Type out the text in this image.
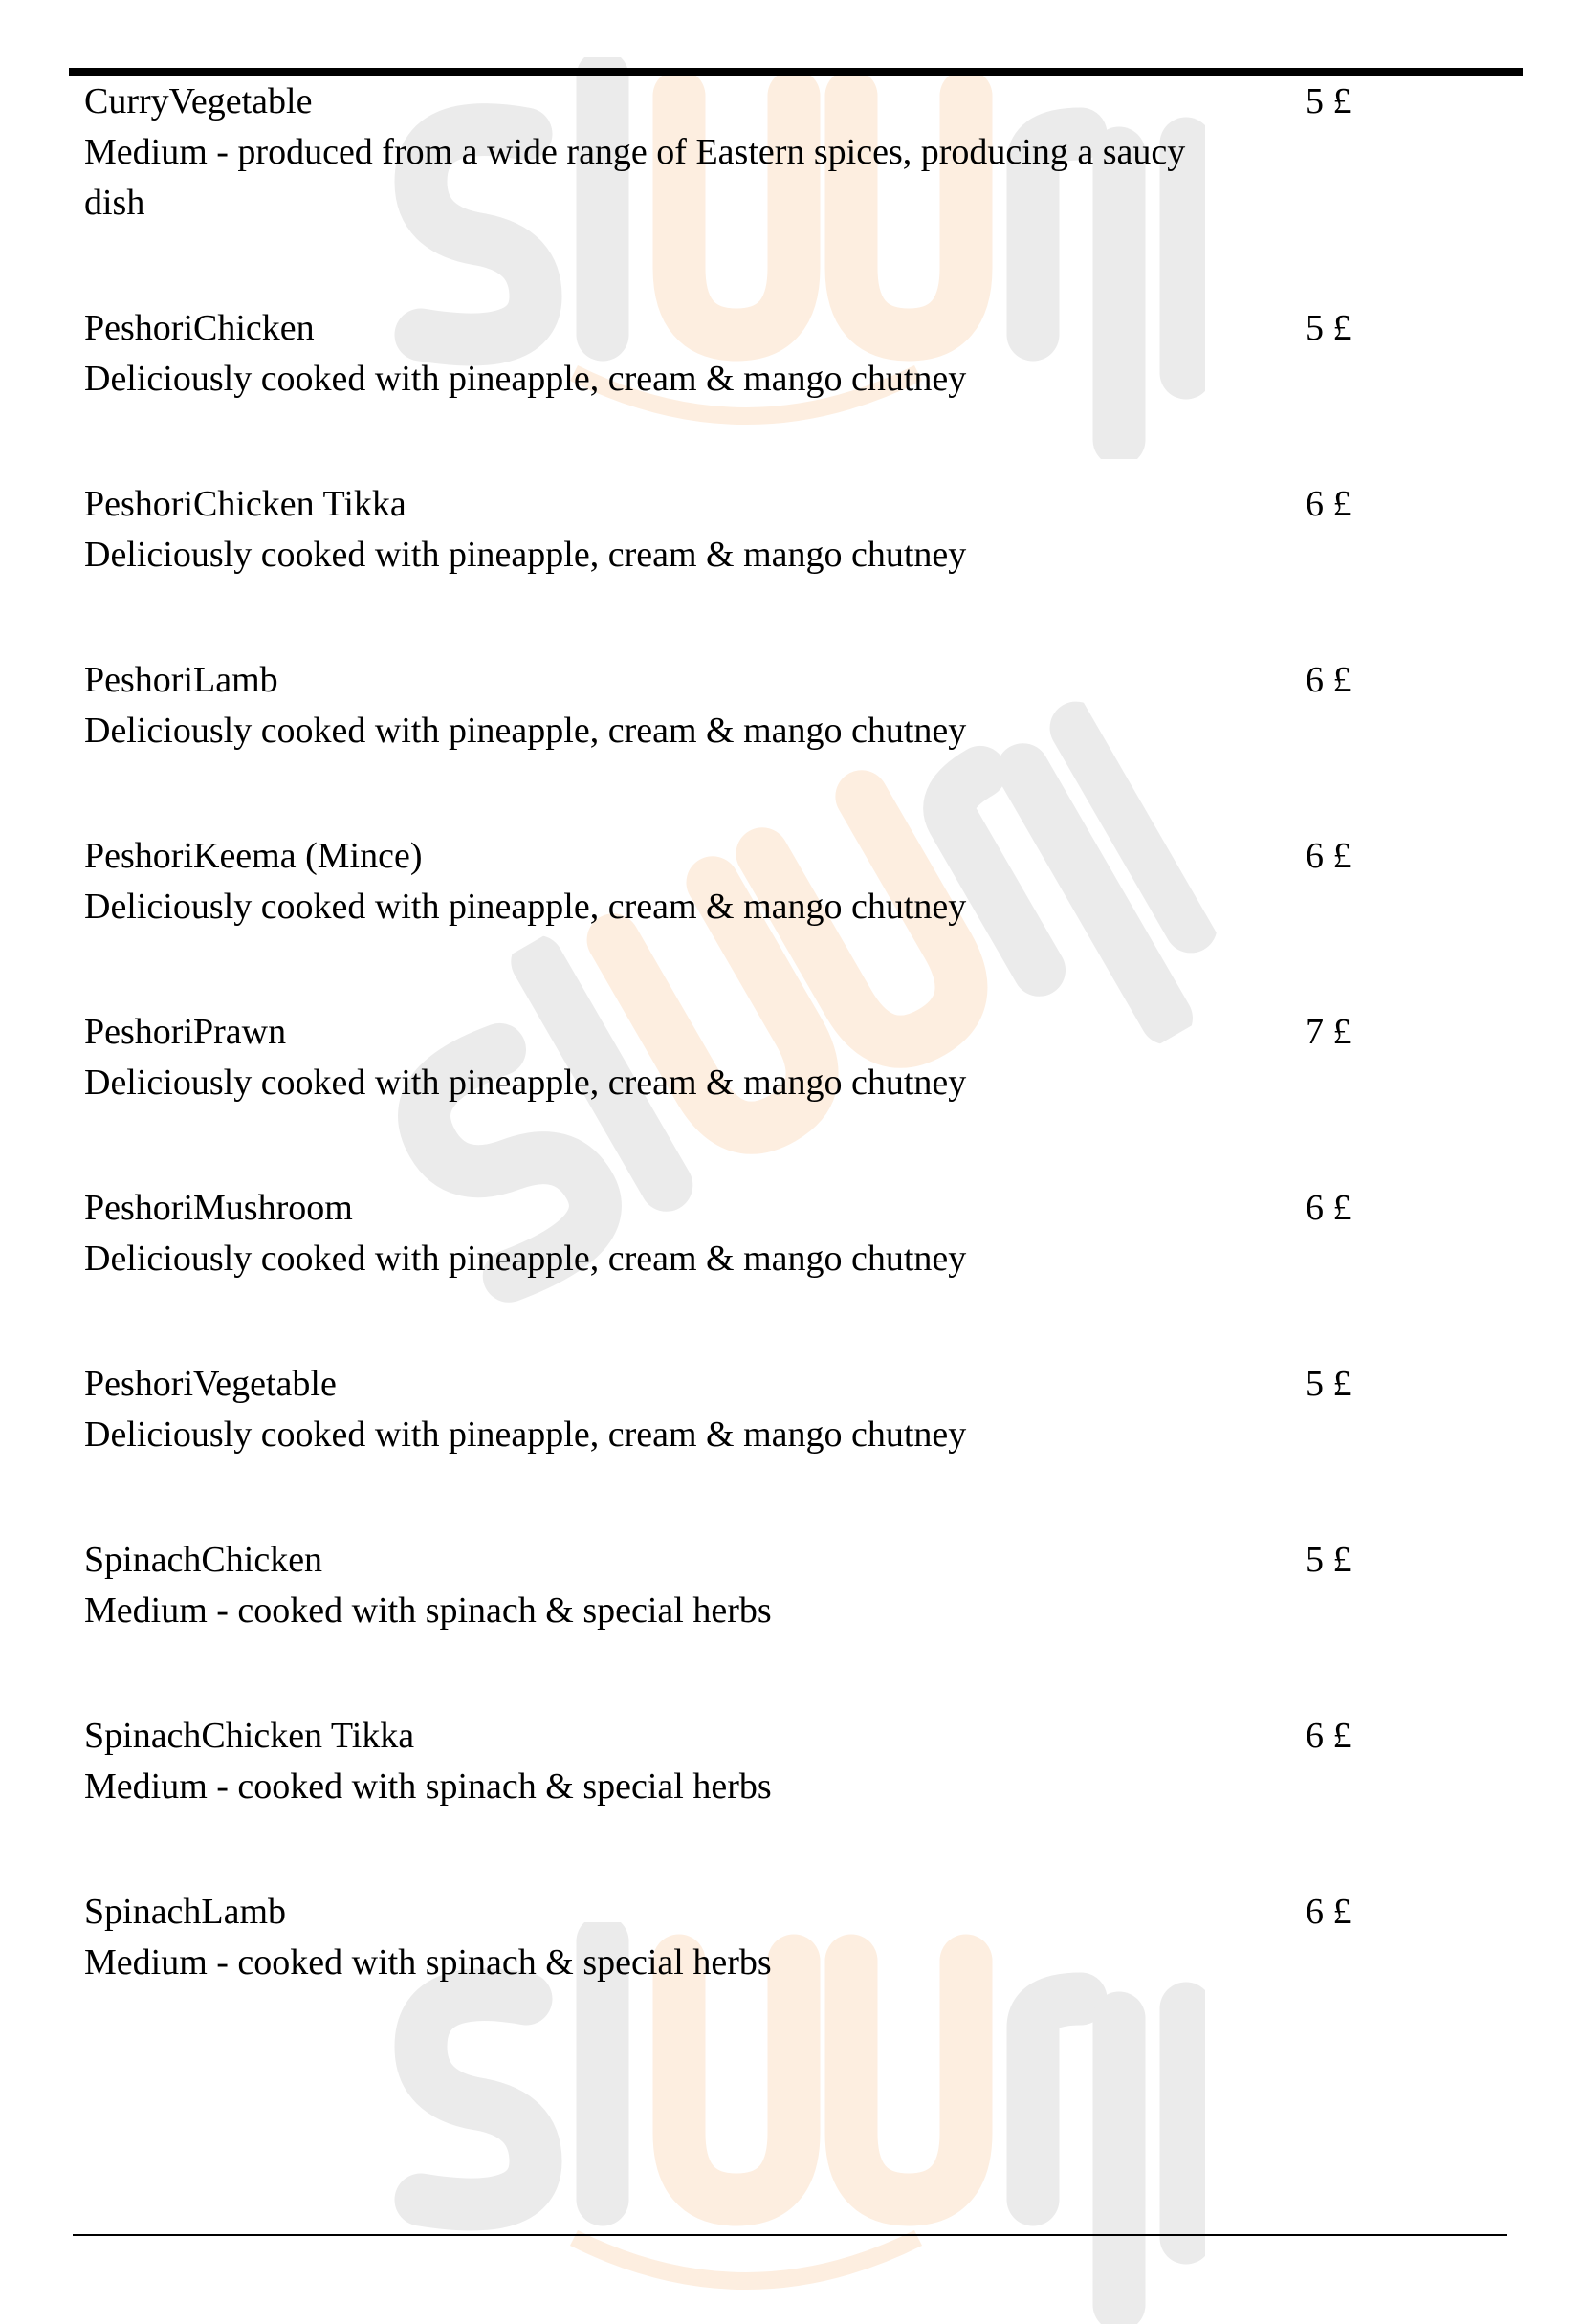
CurryVegetable
Medium - produced from a wide range of Eastern spices, producing a saucy dish
5 £
PeshoriChicken
Deliciously cooked with pineapple, cream & mango chutney
5 £
PeshoriChicken Tikka
Deliciously cooked with pineapple, cream & mango chutney
6 £
PeshoriLamb
Deliciously cooked with pineapple, cream & mango chutney
6 £
PeshoriKeema (Mince)
Deliciously cooked with pineapple, cream & mango chutney
6 £
PeshoriPrawn
Deliciously cooked with pineapple, cream & mango chutney
7 £
PeshoriMushroom
Deliciously cooked with pineapple, cream & mango chutney
6 £
PeshoriVegetable
Deliciously cooked with pineapple, cream & mango chutney
5 £
SpinachChicken
Medium - cooked with spinach & special herbs
5 £
SpinachChicken Tikka
Medium - cooked with spinach & special herbs
6 £
SpinachLamb
Medium - cooked with spinach & special herbs
6 £
